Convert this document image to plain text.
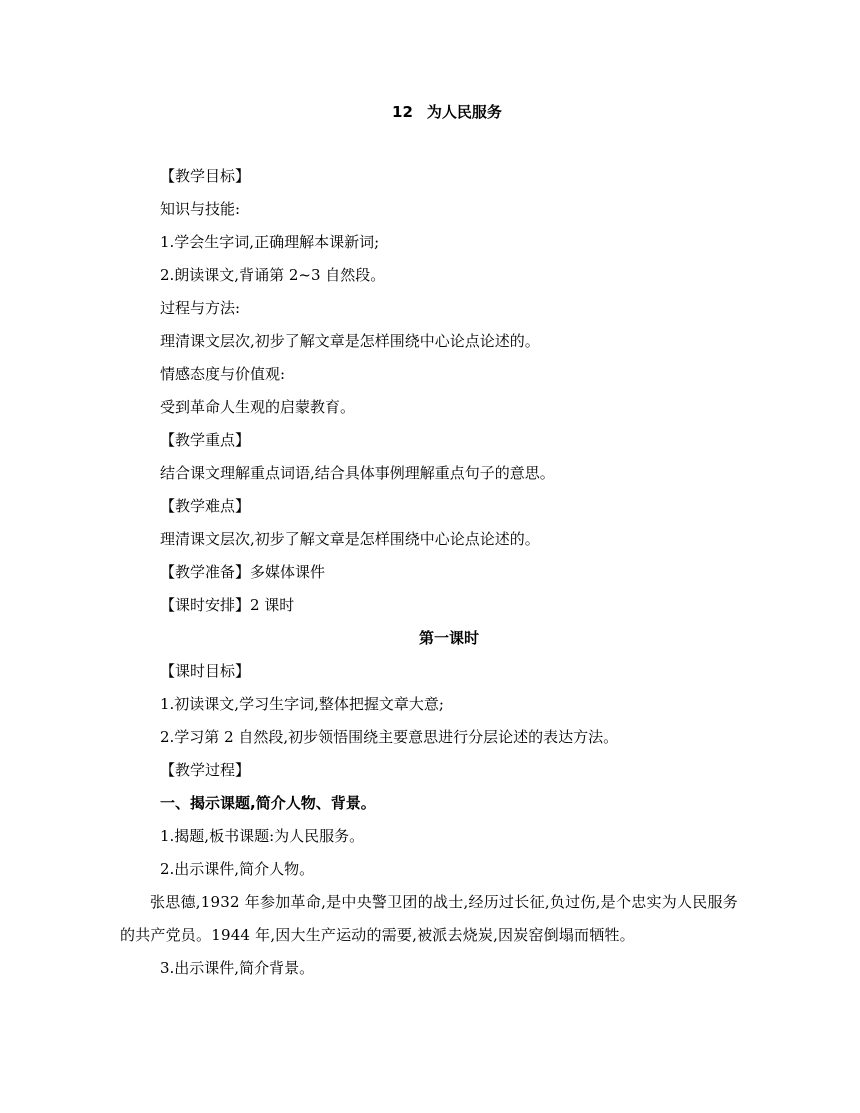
12 为人民服务
【教学目标】
知识与技能:
1.学会生字词,正确理解本课新词;
2.朗读课文,背诵第 2~3 自然段。
过程与方法:
理清课文层次,初步了解文章是怎样围绕中心论点论述的。
情感态度与价值观:
受到革命人生观的启蒙教育。
【教学重点】
结合课文理解重点词语,结合具体事例理解重点句子的意思。
【教学难点】
理清课文层次,初步了解文章是怎样围绕中心论点论述的。
【教学准备】多媒体课件
【课时安排】2 课时
第一课时
【课时目标】
1.初读课文,学习生字词,整体把握文章大意;
2.学习第 2 自然段,初步领悟围绕主要意思进行分层论述的表达方法。
【教学过程】
一、揭示课题,简介人物、背景。
1.揭题,板书课题:为人民服务。
2.出示课件,简介人物。
张思德,1932 年参加革命,是中央警卫团的战士,经历过长征,负过伤,是个忠实为人民服务的共产党员。1944 年,因大生产运动的需要,被派去烧炭,因炭窑倒塌而牺牲。
3.出示课件,简介背景。
